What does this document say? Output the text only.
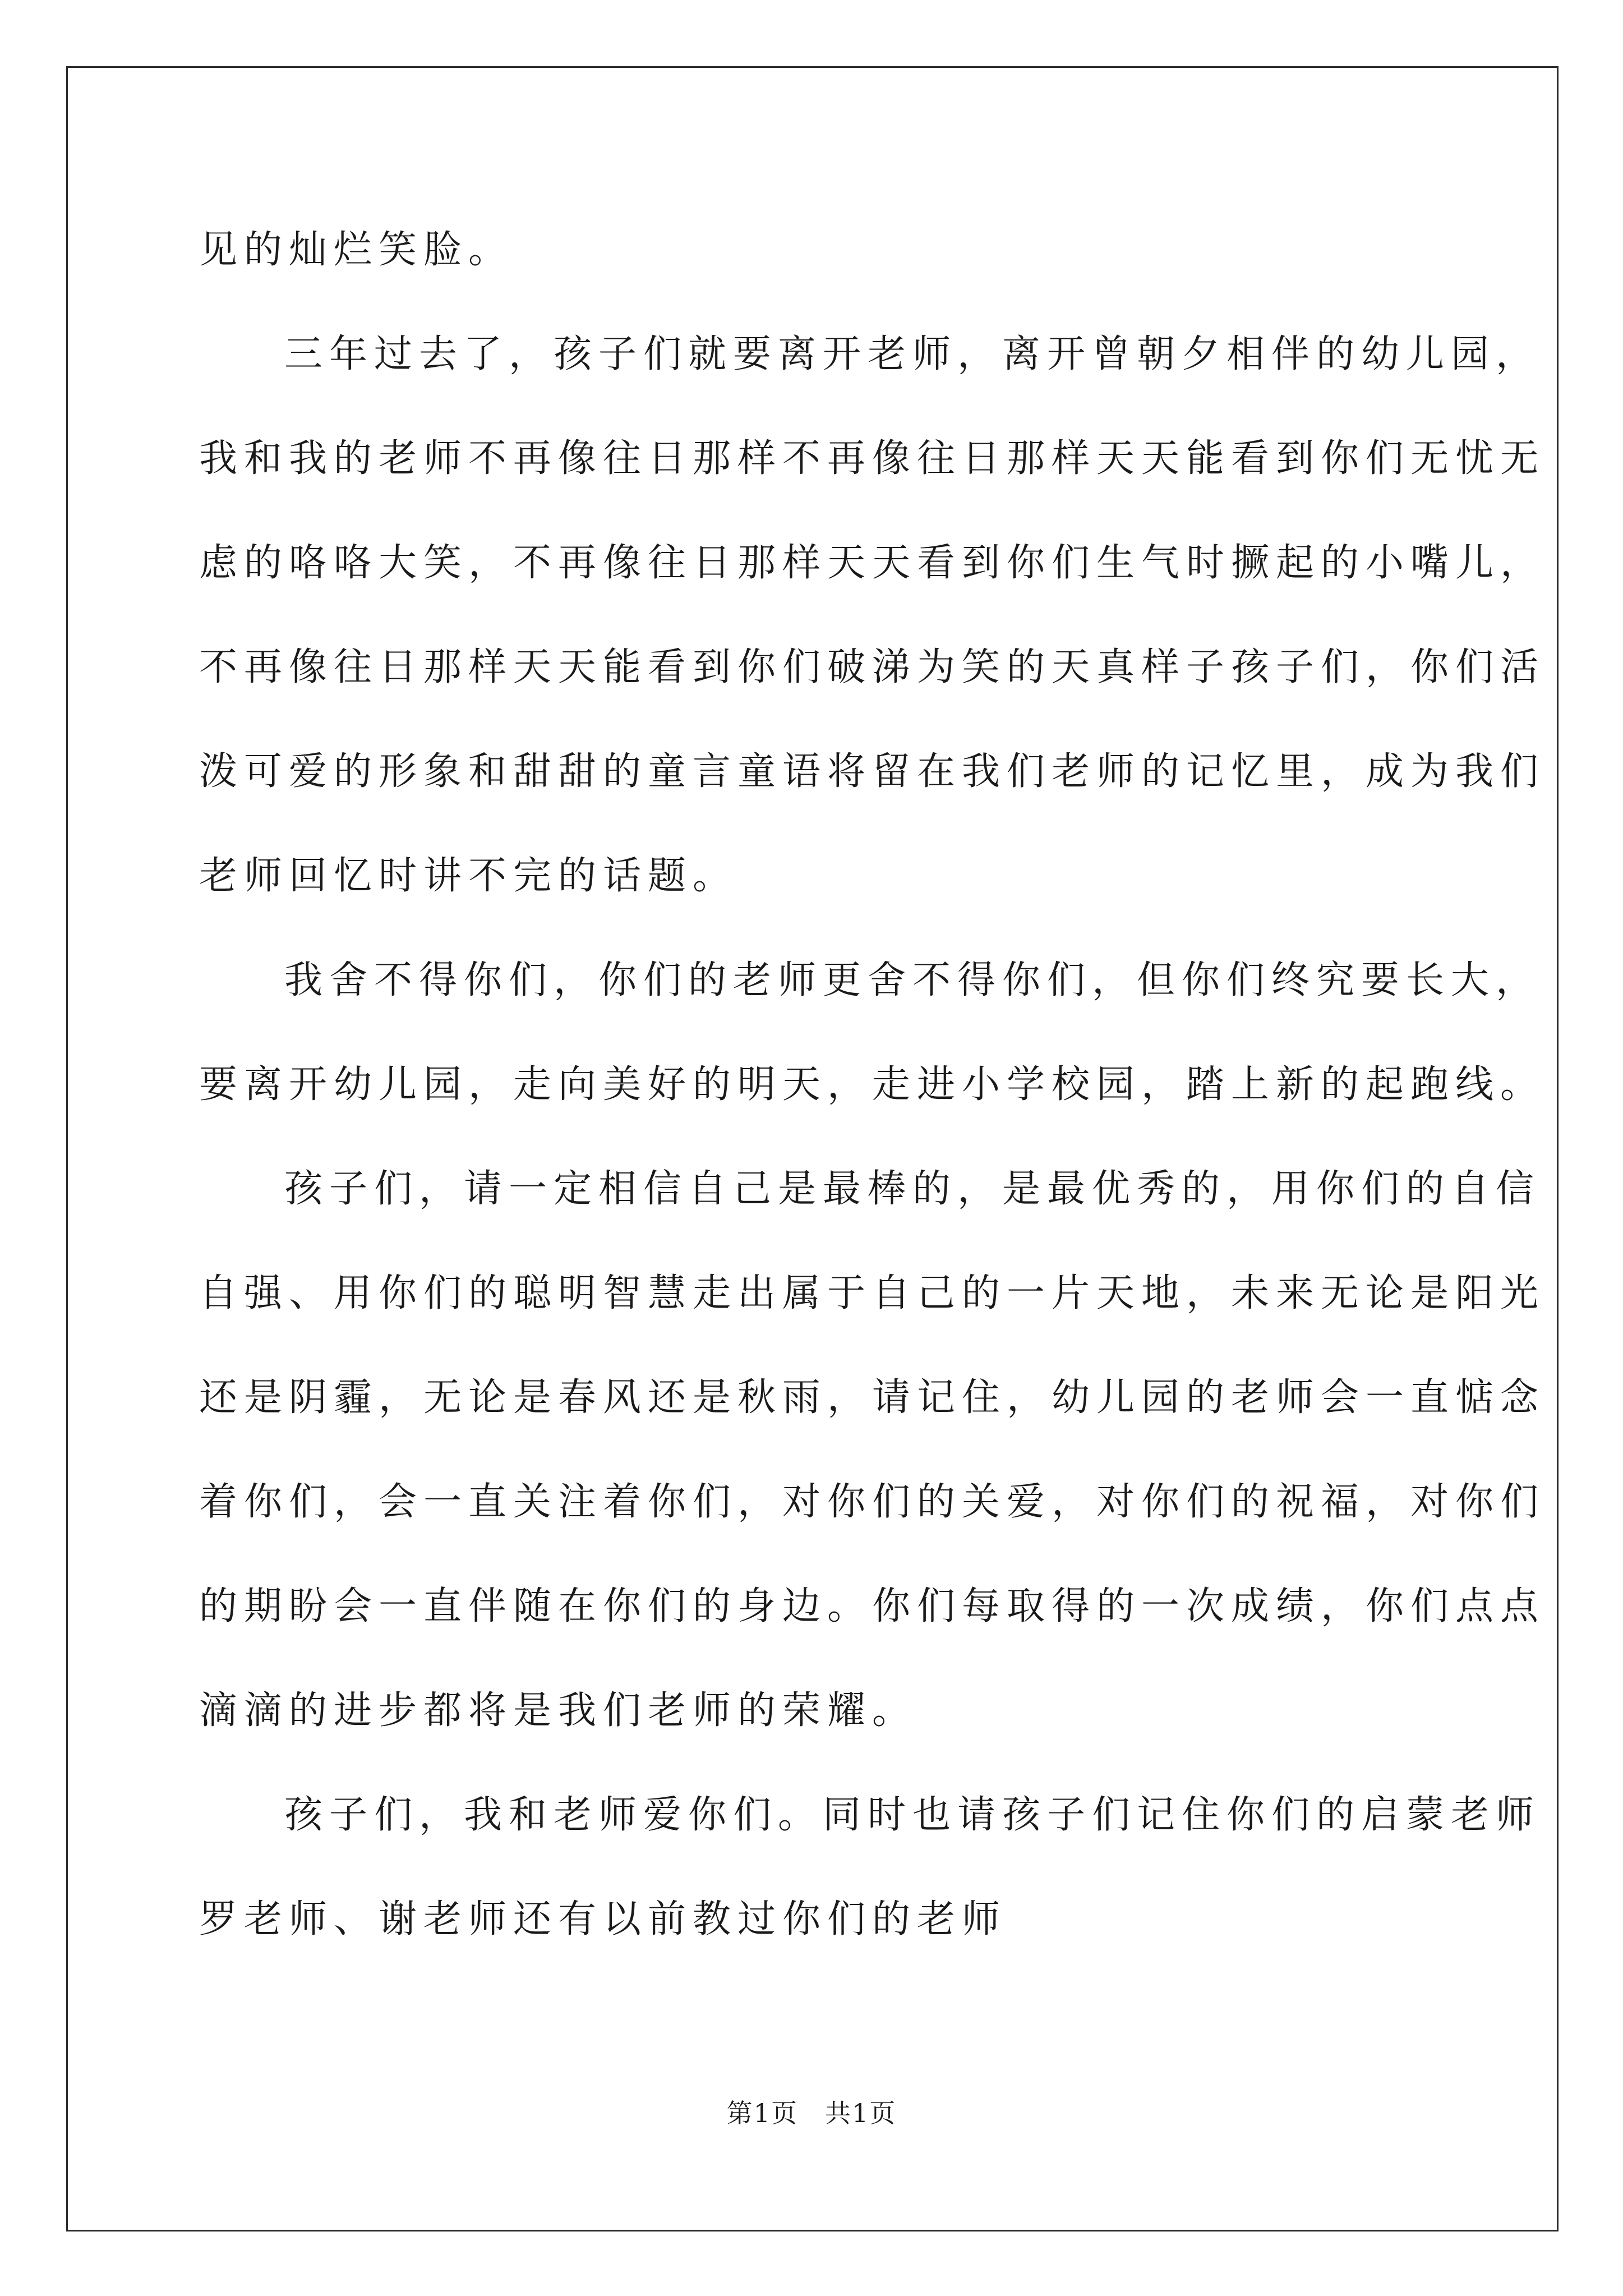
见的灿烂笑脸。

三年过去了，孩子们就要离开老师，离开曾朝夕相伴的幼儿园，

我和我的老师不再像往日那样不再像往日那样天天能看到你们无忧无

虑的咯咯大笑，不再像往日那样天天看到你们生气时撅起的小嘴儿，

不再像往日那样天天能看到你们破涕为笑的天真样子孩子们，你们活

泼可爱的形象和甜甜的童言童语将留在我们老师的记忆里，成为我们

老师回忆时讲不完的话题。

我舍不得你们，你们的老师更舍不得你们，但你们终究要长大，

要离开幼儿园，走向美好的明天，走进小学校园，踏上新的起跑线。

孩子们，请一定相信自己是最棒的，是最优秀的，用你们的自信

自强、用你们的聪明智慧走出属于自己的一片天地，未来无论是阳光

还是阴霾，无论是春风还是秋雨，请记住，幼儿园的老师会一直惦念

着你们，会一直关注着你们，对你们的关爱，对你们的祝福，对你们

的期盼会一直伴随在你们的身边。你们每取得的一次成绩，你们点点

滴滴的进步都将是我们老师的荣耀。

孩子们，我和老师爱你们。同时也请孩子们记住你们的启蒙老师

罗老师、谢老师还有以前教过你们的老师

第1页 共1页
